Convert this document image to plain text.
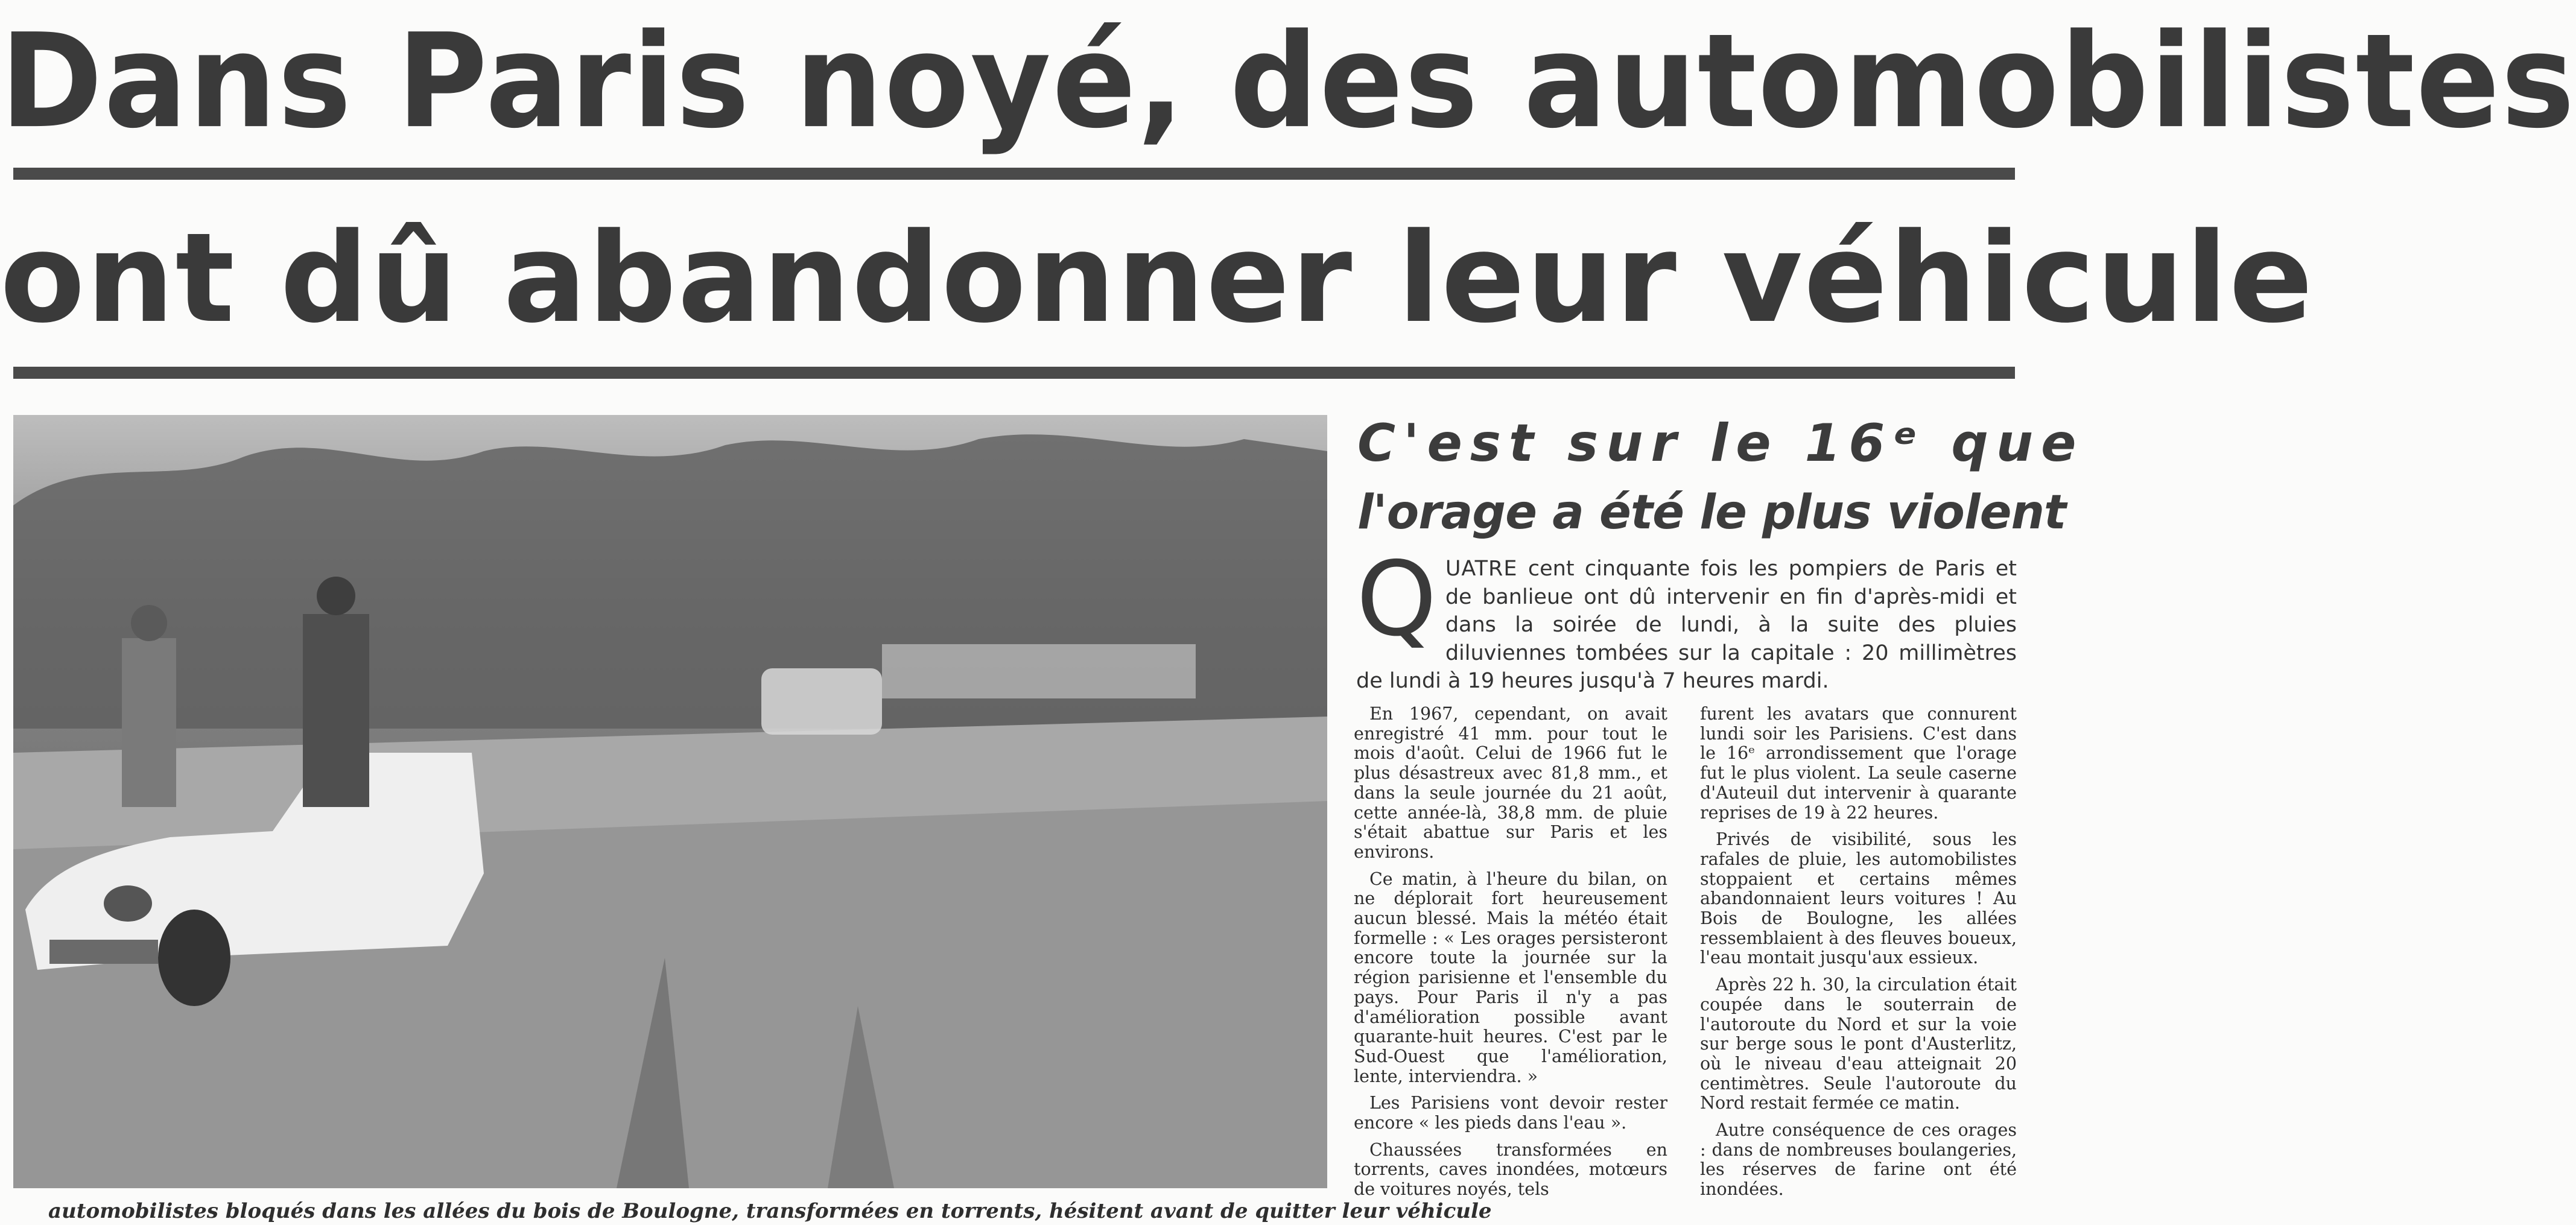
Dans Paris noyé, des automobilistes
ont dû abandonner leur véhicule
automobilistes bloqués dans les allées du bois de Boulogne, transformées en torrents, hésitent avant de quitter leur véhicule
C'est sur le 16ᵉ que
l'orage a été le plus violent
Q UATRE cent cinquante fois les pompiers de Paris et de banlieue ont dû intervenir en fin d'après-midi et dans la soirée de lundi, à la suite des pluies diluviennes tombées sur la capitale : 20 millimètres de lundi à 19 heures jusqu'à 7 heures mardi.

En 1967, cependant, on avait enregistré 41 mm. pour tout le mois d'août. Celui de 1966 fut le plus désastreux avec 81,8 mm., et dans la seule journée du 21 août, cette année-là, 38,8 mm. de pluie s'était abattue sur Paris et les environs.

Ce matin, à l'heure du bilan, on ne déplorait fort heureusement aucun blessé. Mais la météo était formelle : « Les orages persisteront encore toute la journée sur la région parisienne et l'ensemble du pays. Pour Paris il n'y a pas d'amélioration possible avant quarante-huit heures. C'est par le Sud-Ouest que l'amélioration, lente, interviendra. »

Les Parisiens vont devoir rester encore « les pieds dans l'eau ».

Chaussées transformées en torrents, caves inondées, motœurs de voitures noyés, tels

furent les avatars que connurent lundi soir les Parisiens. C'est dans le 16ᵉ arrondissement que l'orage fut le plus violent. La seule caserne d'Auteuil dut intervenir à quarante reprises de 19 à 22 heures.

Privés de visibilité, sous les rafales de pluie, les automobilistes stoppaient et certains mêmes abandonnaient leurs voitures ! Au Bois de Boulogne, les allées ressemblaient à des fleuves boueux, l'eau montait jusqu'aux essieux.

Après 22 h. 30, la circulation était coupée dans le souterrain de l'autoroute du Nord et sur la voie sur berge sous le pont d'Austerlitz, où le niveau d'eau atteignait 20 centimètres. Seule l'autoroute du Nord restait fermée ce matin.

Autre conséquence de ces orages : dans de nombreuses boulangeries, les réserves de farine ont été inondées.
